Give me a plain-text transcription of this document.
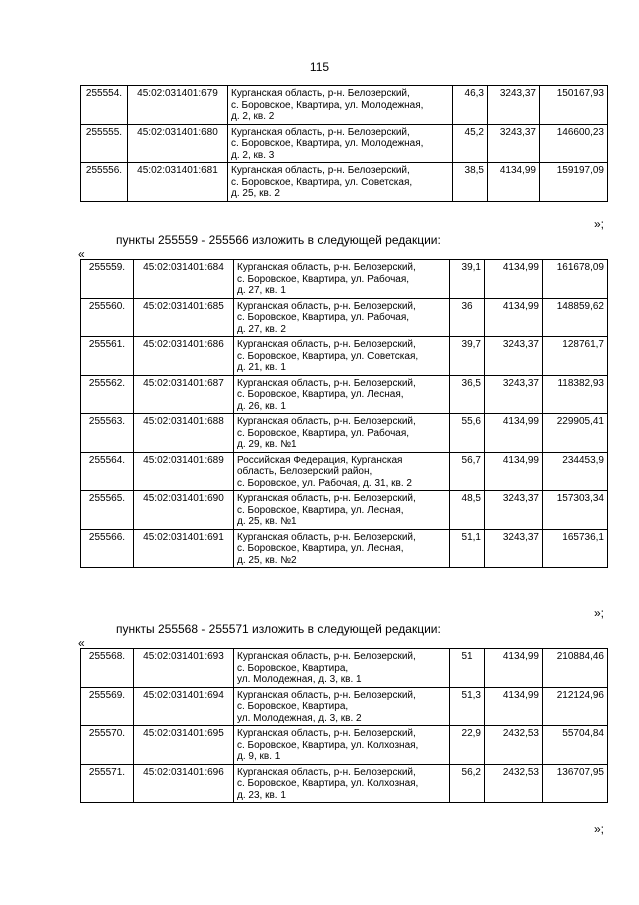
115
255554.	45:02:031401:679	Курганская область, р-н. Белозерский,
с. Боровское, Квартира, ул. Молодежная,
д. 2, кв. 2	46,3	3243,37	150167,93
255555.	45:02:031401:680	Курганская область, р-н. Белозерский,
с. Боровское, Квартира, ул. Молодежная,
д. 2, кв. 3	45,2	3243,37	146600,23
255556.	45:02:031401:681	Курганская область, р-н. Белозерский,
с. Боровское, Квартира, ул. Советская,
д. 25, кв. 2	38,5	4134,99	159197,09
»;
пункты 255559 - 255566 изложить в следующей редакции:
«
255559.	45:02:031401:684	Курганская область, р-н. Белозерский,
с. Боровское, Квартира, ул. Рабочая,
д. 27, кв. 1	39,1	4134,99	161678,09
255560.	45:02:031401:685	Курганская область, р-н. Белозерский,
с. Боровское, Квартира, ул. Рабочая,
д. 27, кв. 2	36	4134,99	148859,62
255561.	45:02:031401:686	Курганская область, р-н. Белозерский,
с. Боровское, Квартира, ул. Советская,
д. 21, кв. 1	39,7	3243,37	128761,7
255562.	45:02:031401:687	Курганская область, р-н. Белозерский,
с. Боровское, Квартира, ул. Лесная,
д. 26, кв. 1	36,5	3243,37	118382,93
255563.	45:02:031401:688	Курганская область, р-н. Белозерский,
с. Боровское, Квартира, ул. Рабочая,
д. 29, кв. №1	55,6	4134,99	229905,41
255564.	45:02:031401:689	Российская Федерация, Курганская
область, Белозерский район,
с. Боровское, ул. Рабочая, д. 31, кв. 2	56,7	4134,99	234453,9
255565.	45:02:031401:690	Курганская область, р-н. Белозерский,
с. Боровское, Квартира, ул. Лесная,
д. 25, кв. №1	48,5	3243,37	157303,34
255566.	45:02:031401:691	Курганская область, р-н. Белозерский,
с. Боровское, Квартира, ул. Лесная,
д. 25, кв. №2	51,1	3243,37	165736,1
»;
пункты 255568 - 255571 изложить в следующей редакции:
«
255568.	45:02:031401:693	Курганская область, р-н. Белозерский,
с. Боровское, Квартира,
ул. Молодежная, д. 3, кв. 1	51	4134,99	210884,46
255569.	45:02:031401:694	Курганская область, р-н. Белозерский,
с. Боровское, Квартира,
ул. Молодежная, д. 3, кв. 2	51,3	4134,99	212124,96
255570.	45:02:031401:695	Курганская область, р-н. Белозерский,
с. Боровское, Квартира, ул. Колхозная,
д. 9, кв. 1	22,9	2432,53	55704,84
255571.	45:02:031401:696	Курганская область, р-н. Белозерский,
с. Боровское, Квартира, ул. Колхозная,
д. 23, кв. 1	56,2	2432,53	136707,95
»;
